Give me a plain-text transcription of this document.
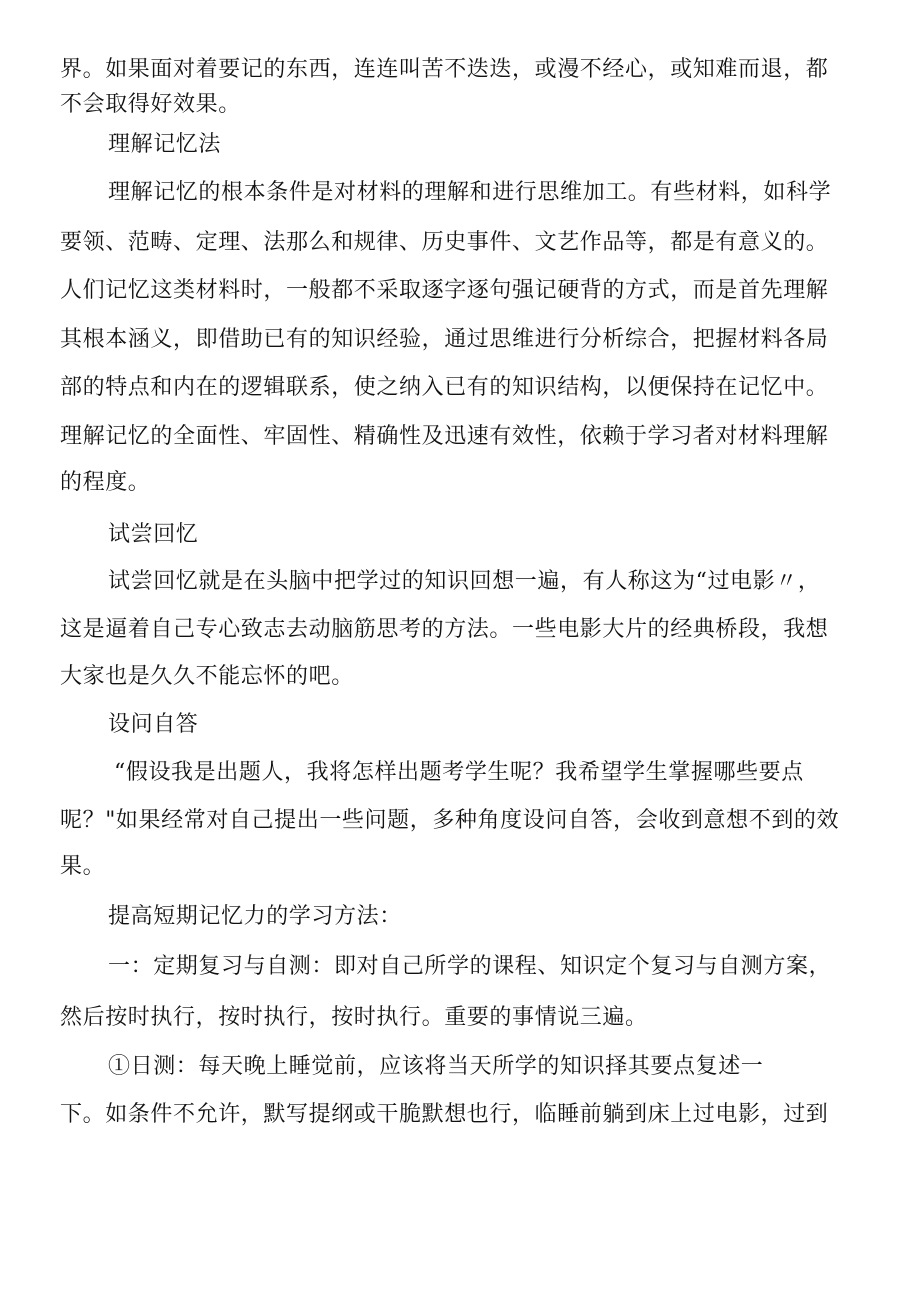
界。如果面对着要记的东西，连连叫苦不迭迭，或漫不经心，或知难而退，都
不会取得好效果。
理解记忆法
理解记忆的根本条件是对材料的理解和进行思维加工。有些材料，如科学
要领、范畴、定理、法那么和规律、历史事件、文艺作品等，都是有意义的。
人们记忆这类材料时，一般都不采取逐字逐句强记硬背的方式，而是首先理解
其根本涵义，即借助已有的知识经验，通过思维进行分析综合，把握材料各局
部的特点和内在的逻辑联系，使之纳入已有的知识结构，以便保持在记忆中。
理解记忆的全面性、牢固性、精确性及迅速有效性，依赖于学习者对材料理解
的程度。
试尝回忆
试尝回忆就是在头脑中把学过的知识回想一遍，有人称这为“过电影〃，
这是逼着自己专心致志去动脑筋思考的方法。一些电影大片的经典桥段，我想
大家也是久久不能忘怀的吧。
设问自答
“假设我是出题人，我将怎样出题考学生呢？我希望学生掌握哪些要点
呢？"如果经常对自己提出一些问题，多种角度设问自答，会收到意想不到的效
果。
提高短期记忆力的学习方法：
一：定期复习与自测：即对自己所学的课程、知识定个复习与自测方案，
然后按时执行，按时执行，按时执行。重要的事情说三遍。
①日测：每天晚上睡觉前，应该将当天所学的知识择其要点复述一
下。如条件不允许，默写提纲或干脆默想也行，临睡前躺到床上过电影，过到
